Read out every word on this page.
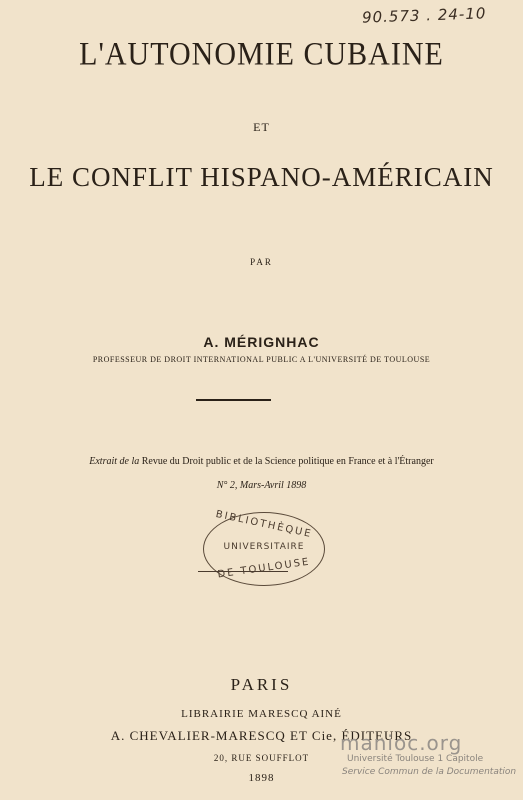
90.573 . 24-10
L'AUTONOMIE CUBAINE
ET
LE CONFLIT HISPANO-AMÉRICAIN
PAR
A. MÉRIGNHAC
PROFESSEUR DE DROIT INTERNATIONAL PUBLIC A L'UNIVERSITÉ DE TOULOUSE
Extrait de la Revue du Droit public et de la Science politique en France et à l'Étranger
N° 2, Mars-Avril 1898
BIBLIOTHÈQUE
UNIVERSITAIRE
DE TOULOUSE
PARIS
LIBRAIRIE MARESCQ AINÉ
A. CHEVALIER-MARESCQ ET Cie, ÉDITEURS
20, RUE SOUFFLOT
1898
manioc.org
Université Toulouse 1 Capitole
Service Commun de la Documentation
